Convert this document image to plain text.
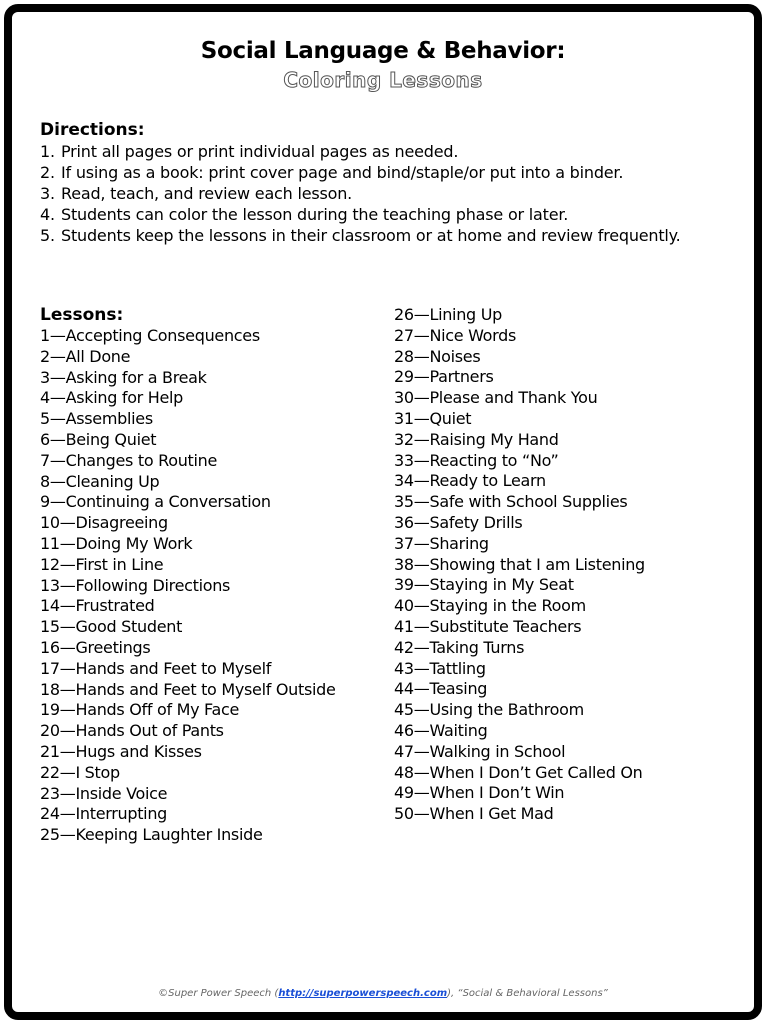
Social Language & Behavior:
Coloring Lessons

Directions:

1. Print all pages or print individual pages as needed.
2. If using as a book: print cover page and bind/staple/or put into a binder.
3. Read, teach, and review each lesson.
4. Students can color the lesson during the teaching phase or later.
5. Students keep the lessons in their classroom or at home and review frequently.

Lessons:

1—Accepting Consequences
2—All Done
3—Asking for a Break
4—Asking for Help
5—Assemblies
6—Being Quiet
7—Changes to Routine
8—Cleaning Up
9—Continuing a Conversation
10—Disagreeing
11—Doing My Work
12—First in Line
13—Following Directions
14—Frustrated
15—Good Student
16—Greetings
17—Hands and Feet to Myself
18—Hands and Feet to Myself Outside
19—Hands Off of My Face
20—Hands Out of Pants
21—Hugs and Kisses
22—I Stop
23—Inside Voice
24—Interrupting
25—Keeping Laughter Inside
26—Lining Up
27—Nice Words
28—Noises
29—Partners
30—Please and Thank You
31—Quiet
32—Raising My Hand
33—Reacting to “No”
34—Ready to Learn
35—Safe with School Supplies
36—Safety Drills
37—Sharing
38—Showing that I am Listening
39—Staying in My Seat
40—Staying in the Room
41—Substitute Teachers
42—Taking Turns
43—Tattling
44—Teasing
45—Using the Bathroom
46—Waiting
47—Walking in School
48—When I Don’t Get Called On
49—When I Don’t Win
50—When I Get Mad
©Super Power Speech (http://superpowerspeech.com), “Social & Behavioral Lessons”
